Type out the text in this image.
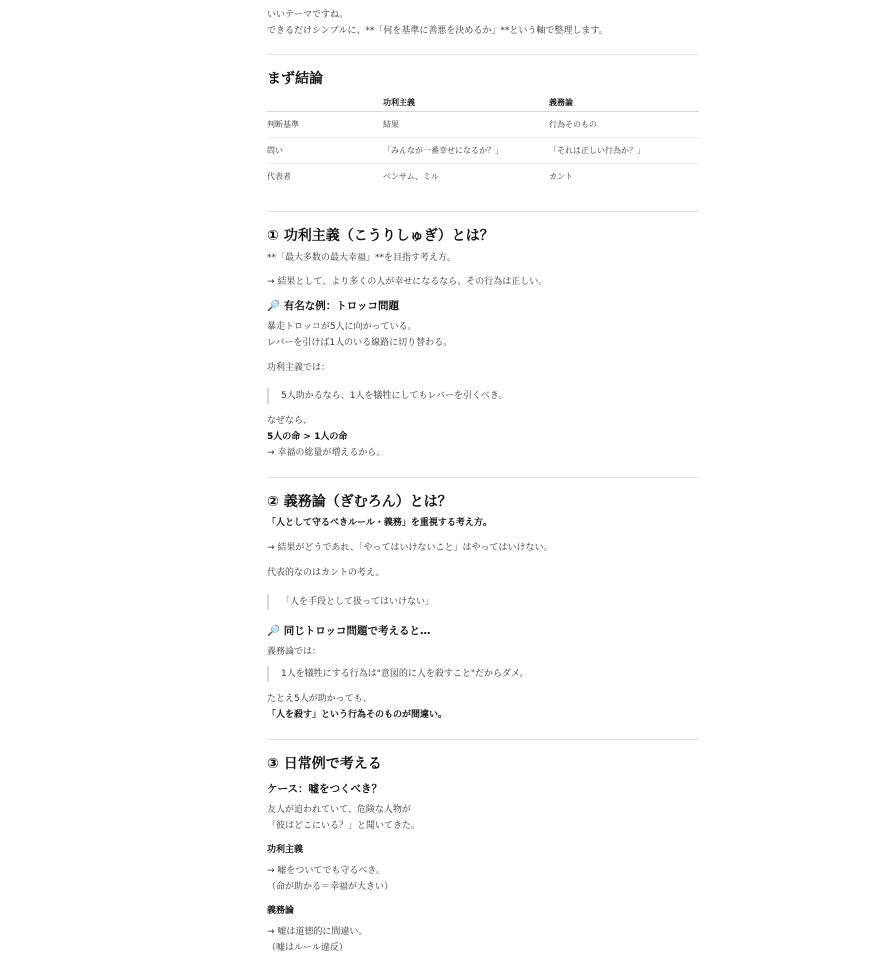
いいテーマですね。
できるだけシンプルに、**「何を基準に善悪を決めるか」**という軸で整理します。
まず結論
	功利主義	義務論
判断基準	結果	行為そのもの
問い	「みんなが一番幸せになるか？」	「それは正しい行為か？」
代表者	ベンサム、ミル	カント
① 功利主義（こうりしゅぎ）とは？
**「最大多数の最大幸福」**を目指す考え方。
→ 結果として、より多くの人が幸せになるなら、その行為は正しい。
🔎 有名な例：トロッコ問題
暴走トロッコが5人に向かっている。
レバーを引けば1人のいる線路に切り替わる。
功利主義では：
5人助かるなら、1人を犠牲にしてもレバーを引くべき。
なぜなら、
5人の命 > 1人の命
→ 幸福の総量が増えるから。
② 義務論（ぎむろん）とは？
「人として守るべきルール・義務」を重視する考え方。
→ 結果がどうであれ、「やってはいけないこと」はやってはいけない。
代表的なのはカントの考え。
「人を手段として扱ってはいけない」
🔎 同じトロッコ問題で考えると…
義務論では：
1人を犠牲にする行為は"意図的に人を殺すこと"だからダメ。
たとえ5人が助かっても、
「人を殺す」という行為そのものが間違い。
③ 日常例で考える
ケース：嘘をつくべき？
友人が追われていて、危険な人物が
「彼はどこにいる？」と聞いてきた。
功利主義
→ 嘘をついてでも守るべき。
（命が助かる＝幸福が大きい）
義務論
→ 嘘は道徳的に間違い。
（嘘はルール違反）
